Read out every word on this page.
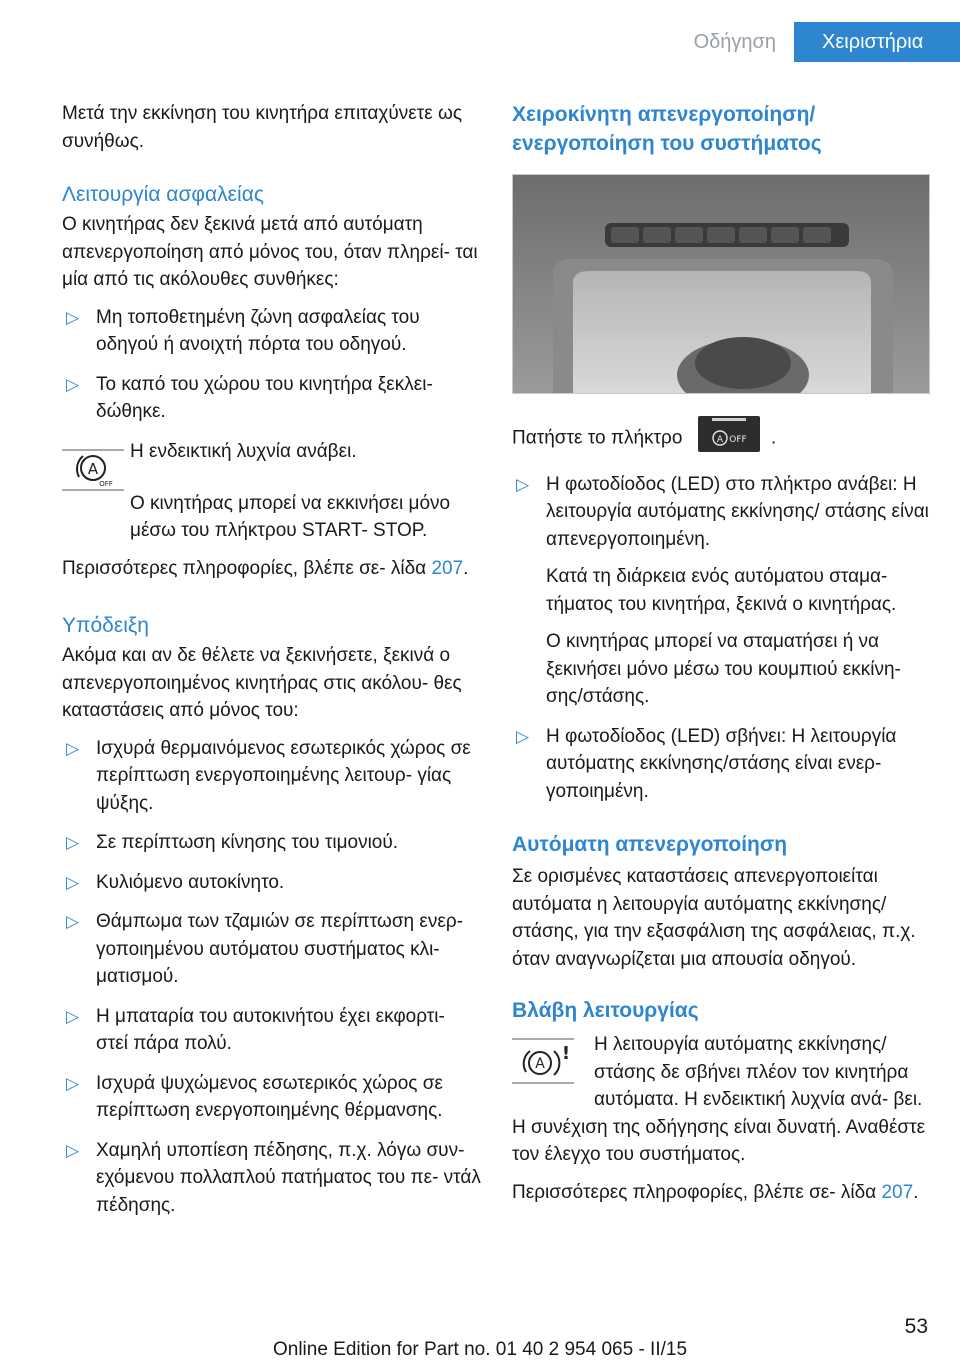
Οδήγηση	Χειριστήρια

Μετά την εκκίνηση του κινητήρα επιταχύνετε ως συνήθως.

Λειτουργία ασφαλείας

Ο κινητήρας δεν ξεκινά μετά από αυτόματη απενεργοποίηση από μόνος του, όταν πληρεί- ται μία από τις ακόλουθες συνθήκες:

▷ Μη τοποθετημένη ζώνη ασφαλείας του οδηγού ή ανοιχτή πόρτα του οδηγού.
▷ Το καπό του χώρου του κινητήρα ξεκλει- δώθηκε.
A
OFF

Η ενδεικτική λυχνία ανάβει.

Ο κινητήρας μπορεί να εκκινήσει μόνο μέσω του πλήκτρου START- STOP.

Περισσότερες πληροφορίες, βλέπε σε- λίδα 207.

Υπόδειξη

Ακόμα και αν δε θέλετε να ξεκινήσετε, ξεκινά ο απενεργοποιημένος κινητήρας στις ακόλου- θες καταστάσεις από μόνος του:

▷ Ισχυρά θερμαινόμενος εσωτερικός χώρος σε περίπτωση ενεργοποιημένης λειτουρ- γίας ψύξης.
▷ Σε περίπτωση κίνησης του τιμονιού.
▷ Κυλιόμενο αυτοκίνητο.
▷ Θάμπωμα των τζαμιών σε περίπτωση ενερ- γοποιημένου αυτόματου συστήματος κλι- ματισμού.
▷ Η μπαταρία του αυτοκινήτου έχει εκφορτι- στεί πάρα πολύ.
▷ Ισχυρά ψυχώμενος εσωτερικός χώρος σε περίπτωση ενεργοποιημένης θέρμανσης.
▷ Χαμηλή υποπίεση πέδησης, π.χ. λόγω συν- εχόμενου πολλαπλού πατήματος του πε- ντάλ πέδησης.
Χειροκίνητη απενεργοποίηση/ ενεργοποίηση του συστήματος

Πατήστε το πλήκτρο	A OFF .

▷ Η φωτοδίοδος (LED) στο πλήκτρο ανάβει: Η λειτουργία αυτόματης εκκίνησης/ στάσης είναι απενεργοποιημένη.
Κατά τη διάρκεια ενός αυτόματου σταμα- τήματος του κινητήρα, ξεκινά ο κινητήρας.
Ο κινητήρας μπορεί να σταματήσει ή να ξεκινήσει μόνο μέσω του κουμπιού εκκίνη- σης/στάσης.
▷ Η φωτοδίοδος (LED) σβήνει: Η λειτουργία αυτόματης εκκίνησης/στάσης είναι ενερ- γοποιημένη.
Αυτόματη απενεργοποίηση

Σε ορισμένες καταστάσεις απενεργοποιείται αυτόματα η λειτουργία αυτόματης εκκίνησης/ στάσης, για την εξασφάλιση της ασφάλειας, π.χ. όταν αναγνωρίζεται μια απουσία οδηγού.

Βλάβη λειτουργίας
A !	Η λειτουργία αυτόματης εκκίνησης/ στάσης δε σβήνει πλέον τον κινητήρα αυτόματα. Η ενδεικτική λυχνία ανά- βει. Η συνέχιση της οδήγησης είναι δυνατή. Αναθέστε τον έλεγχο του συστήματος.

Περισσότερες πληροφορίες, βλέπε σε- λίδα 207.

53
Online Edition for Part no. 01 40 2 954 065 - II/15
